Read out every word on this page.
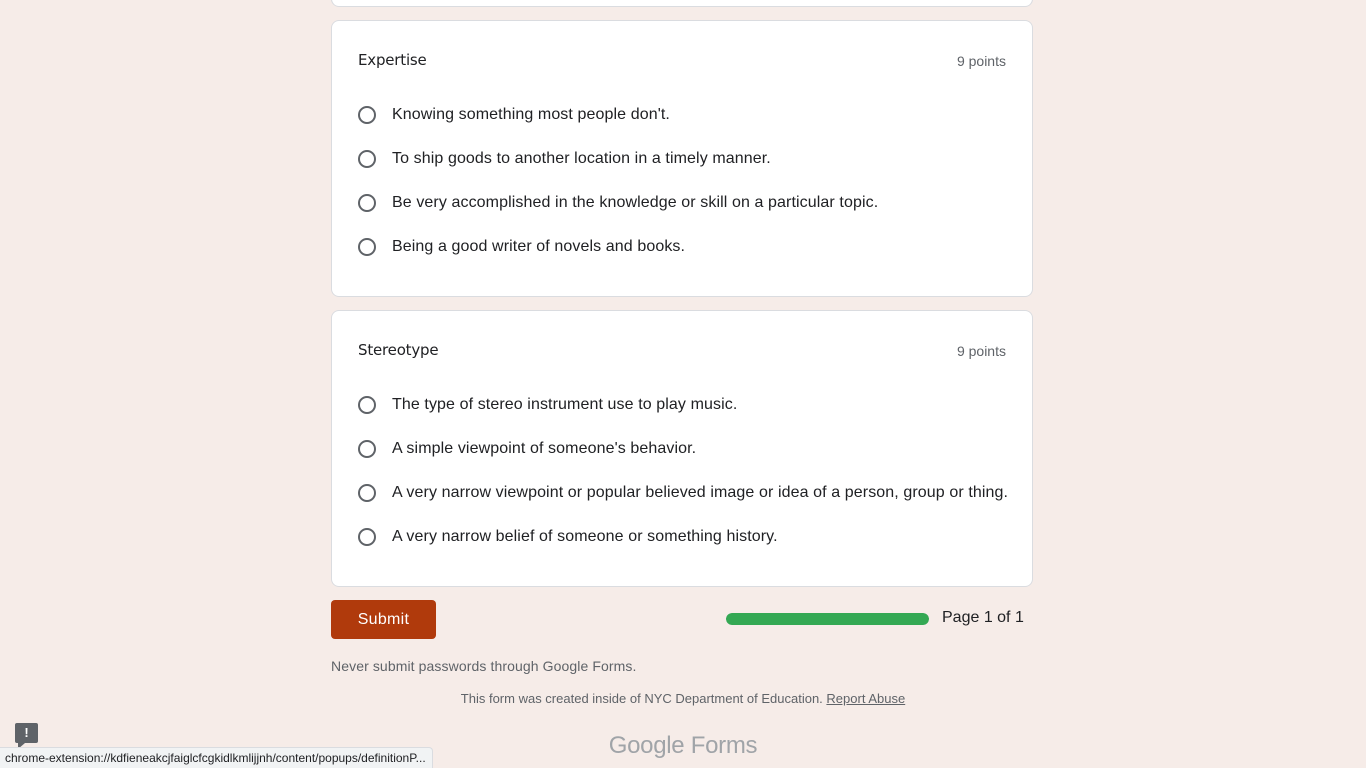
Expertise	9 points
Knowing something most people don't.
To ship goods to another location in a timely manner.
Be very accomplished in the knowledge or skill on a particular topic.
Being a good writer of novels and books.
Stereotype	9 points
The type of stereo instrument use to play music.
A simple viewpoint of someone's behavior.
A very narrow viewpoint or popular believed image or idea of a person, group or thing.
A very narrow belief of someone or something history.
Submit	Page 1 of 1
Never submit passwords through Google Forms.
This form was created inside of NYC Department of Education. Report Abuse
Google Forms
!
chrome-extension://kdfieneakcjfaiglcfcgkidlkmlijjnh/content/popups/definitionP...
